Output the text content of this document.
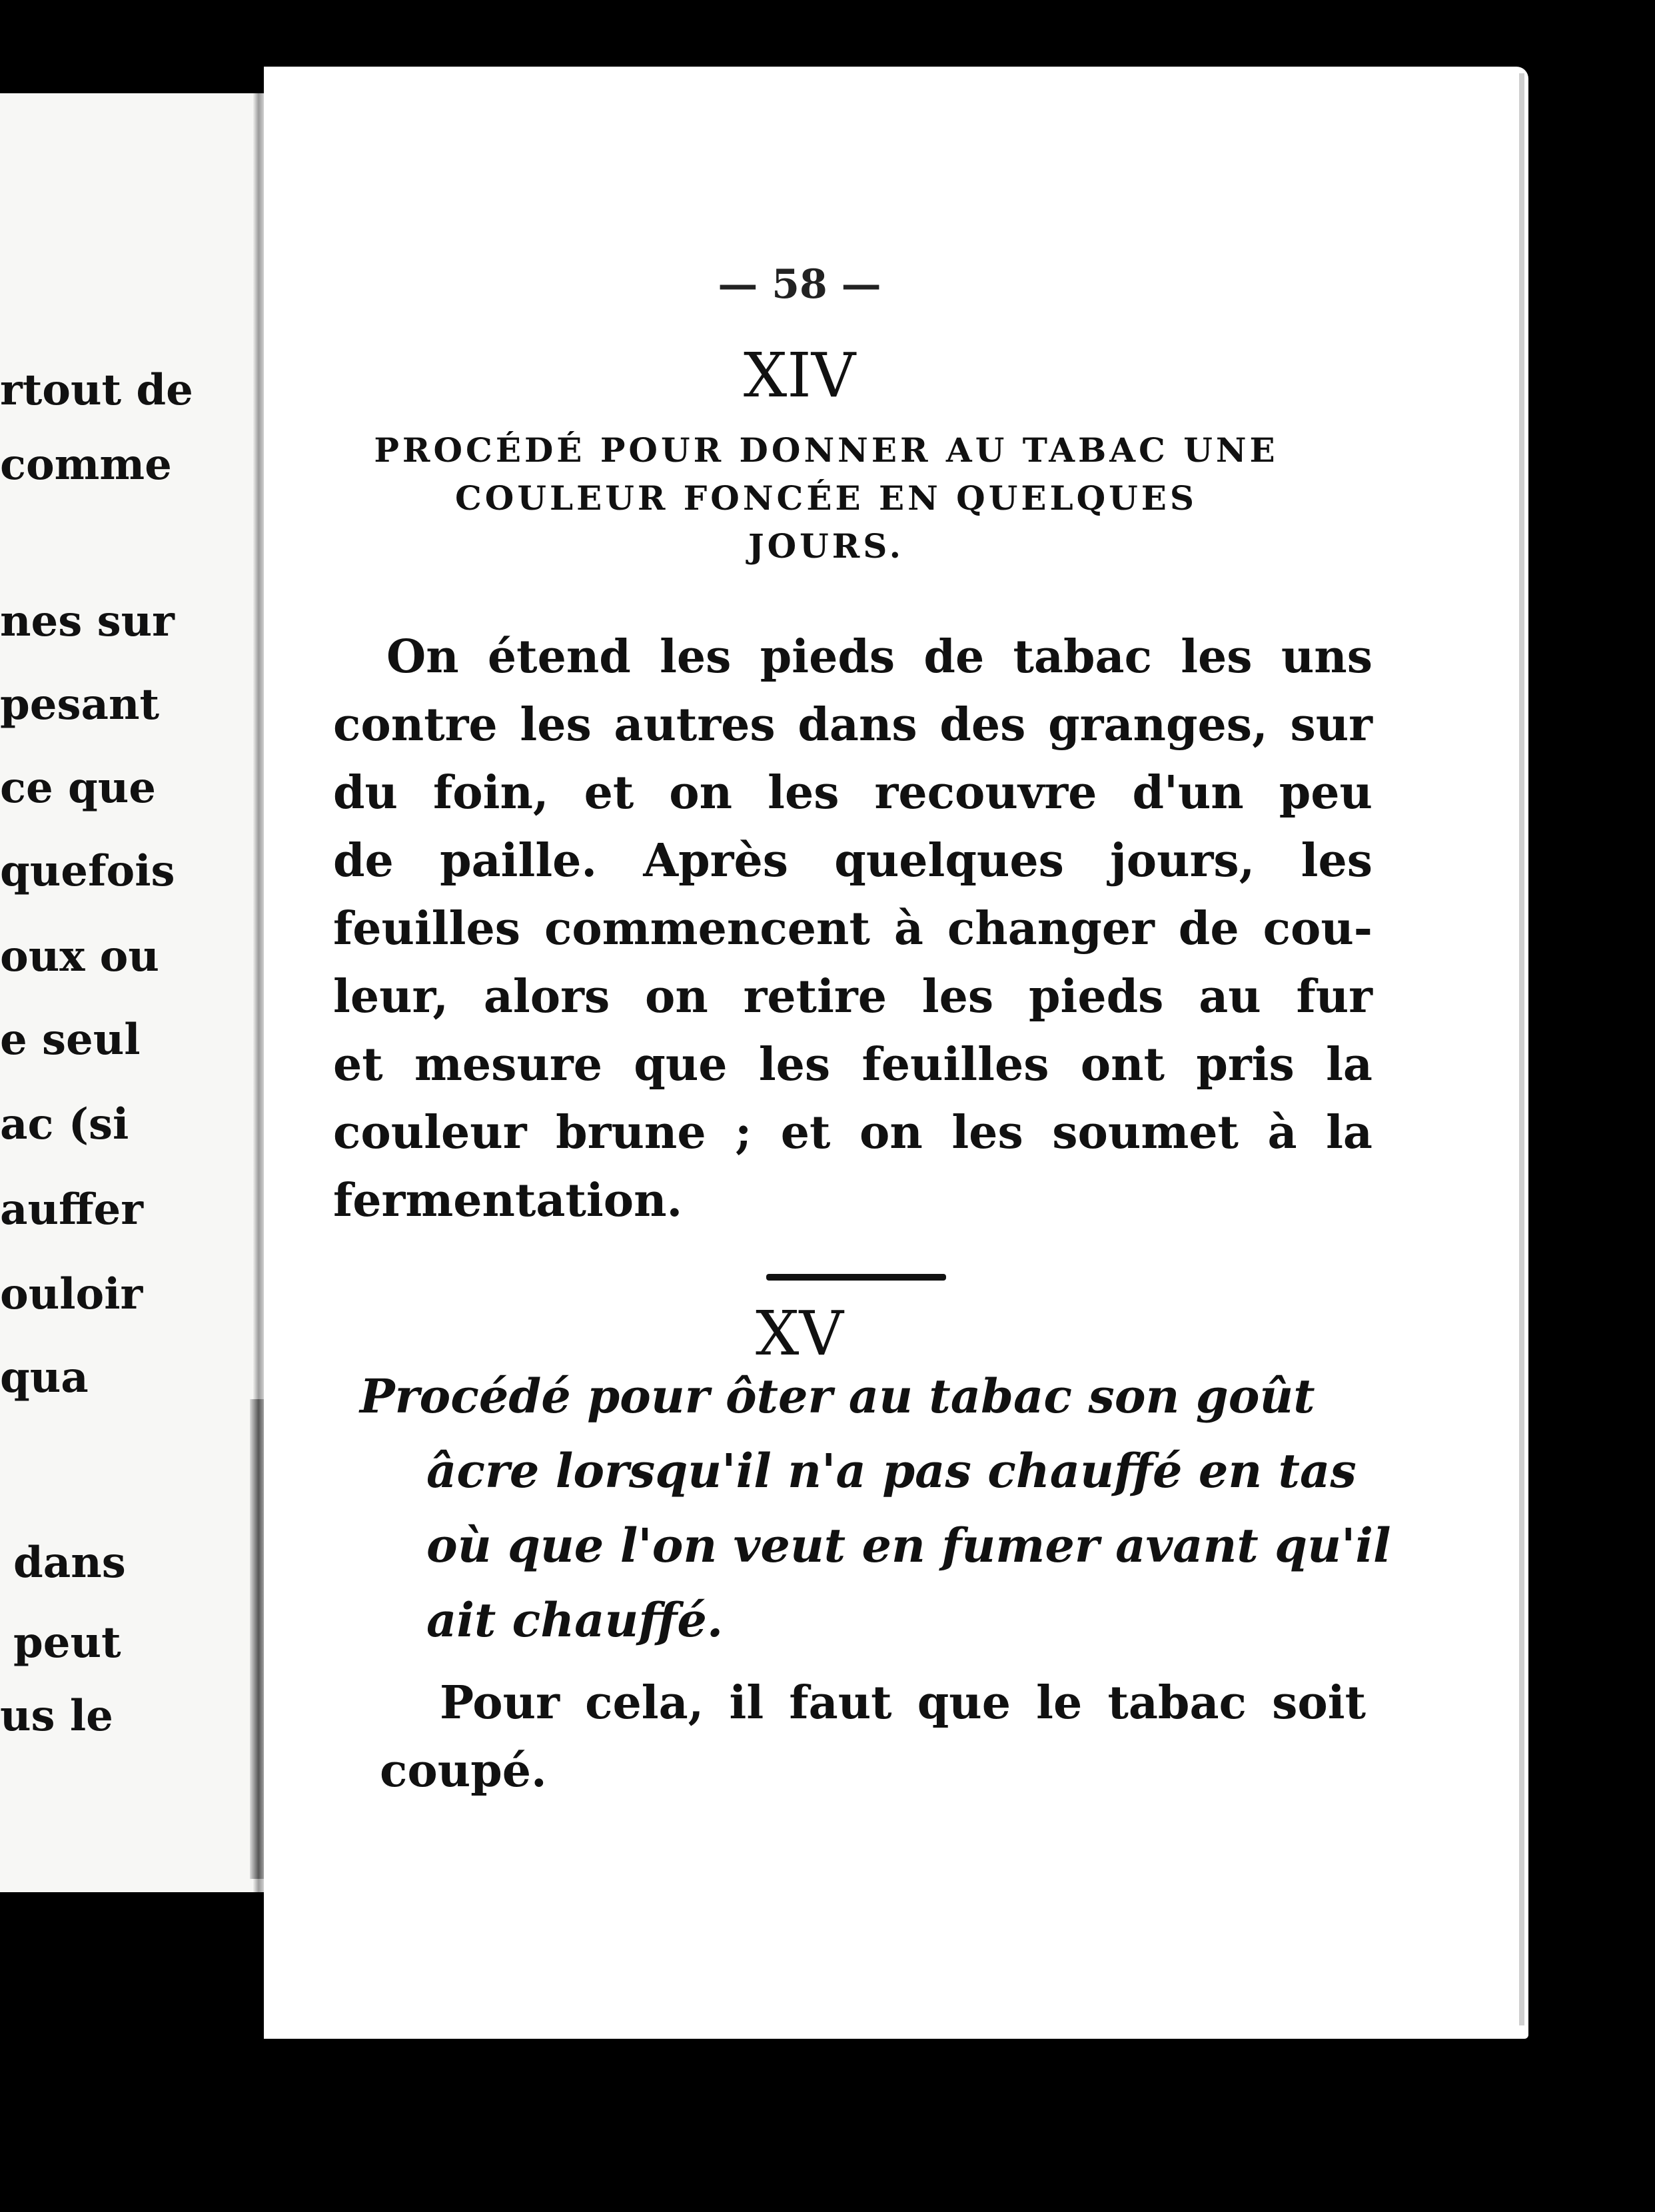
rtout de
comme
nes sur
pesant
ce que
quefois
oux ou
e seul
ac (si
auffer
ouloir
qua
dans
peut
us le
— 58 —
XIV
PROCÉDÉ POUR DONNER AU TABAC UNE
COULEUR FONCÉE EN QUELQUES
JOURS.
On étend les pieds de tabac les uns
contre les autres dans des granges, sur
du foin, et on les recouvre d'un peu
de paille. Après quelques jours, les
feuilles commencent à changer de cou-
leur, alors on retire les pieds au fur
et mesure que les feuilles ont pris la
couleur brune ; et on les soumet à la
fermentation.
XV
Procédé pour ôter au tabac son goût
âcre lorsqu'il n'a pas chauffé en tas
où que l'on veut en fumer avant qu'il
ait chauffé.
Pour cela, il faut que le tabac soit
coupé.
